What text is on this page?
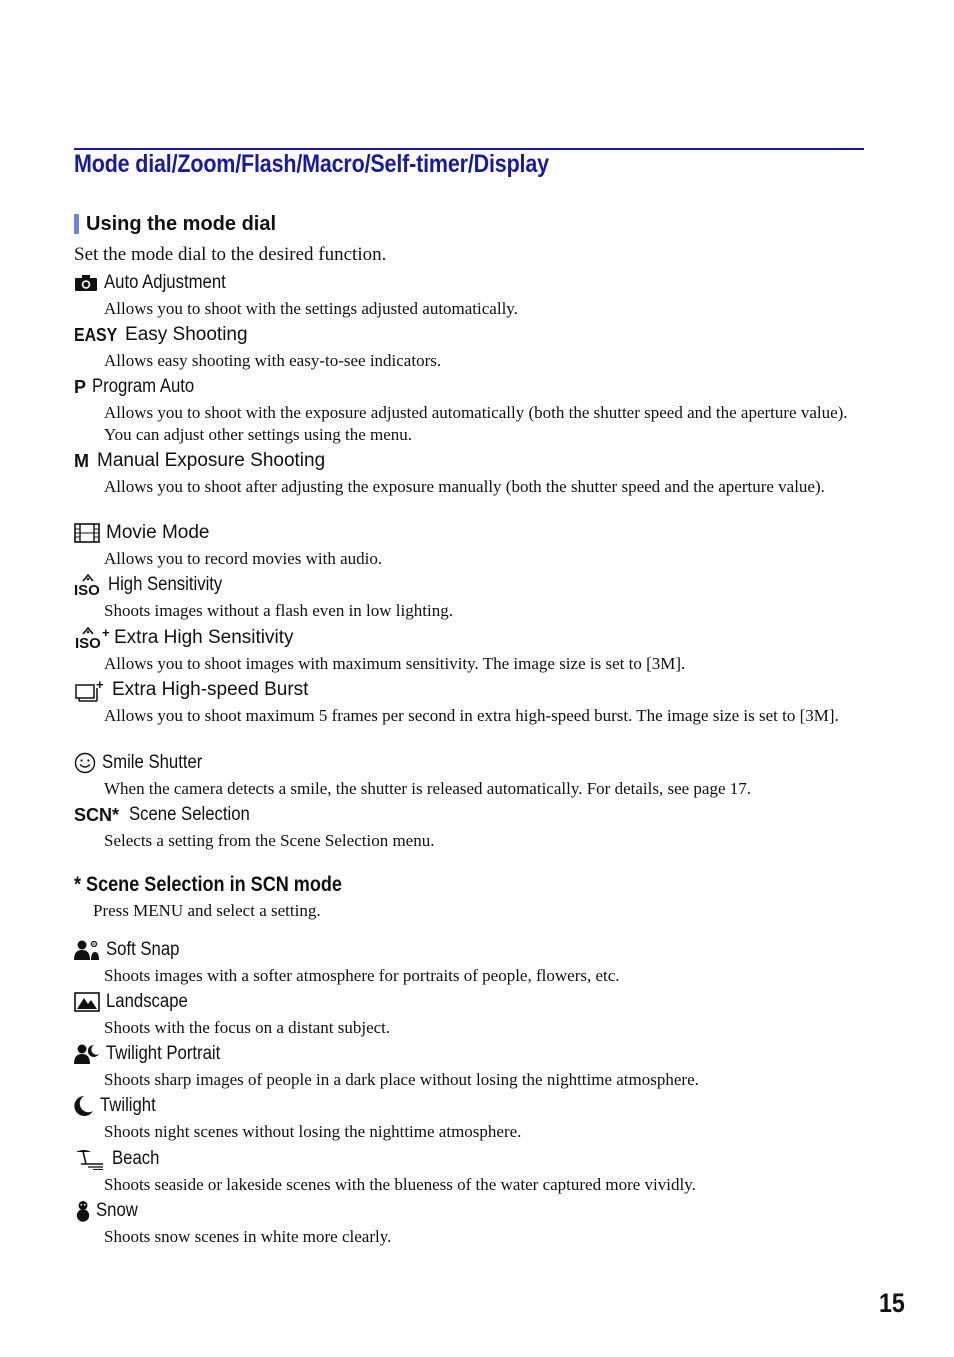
Mode dial/Zoom/Flash/Macro/Self-timer/Display
Using the mode dial
Set the mode dial to the desired function.
Auto Adjustment
Allows you to shoot with the settings adjusted automatically.
EASY Easy Shooting
Allows easy shooting with easy-to-see indicators.
P Program Auto
Allows you to shoot with the exposure adjusted automatically (both the shutter speed and the aperture value). You can adjust other settings using the menu.
M Manual Exposure Shooting
Allows you to shoot after adjusting the exposure manually (both the shutter speed and the aperture value).
Movie Mode
Allows you to record movies with audio.
ISO High Sensitivity
Shoots images without a flash even in low lighting.
ISO
+ Extra High Sensitivity
Allows you to shoot images with maximum sensitivity. The image size is set to [3M].
+ Extra High-speed Burst
Allows you to shoot maximum 5 frames per second in extra high-speed burst. The image size is set to [3M].
Smile Shutter
When the camera detects a smile, the shutter is released automatically. For details, see page 17.
SCN* Scene Selection
Selects a setting from the Scene Selection menu.
* Scene Selection in SCN mode
Press MENU and select a setting.
Soft Snap
Shoots images with a softer atmosphere for portraits of people, flowers, etc.
Landscape
Shoots with the focus on a distant subject.
Twilight Portrait
Shoots sharp images of people in a dark place without losing the nighttime atmosphere.
Twilight
Shoots night scenes without losing the nighttime atmosphere.
Beach
Shoots seaside or lakeside scenes with the blueness of the water captured more vividly.
Snow
Shoots snow scenes in white more clearly.
15
